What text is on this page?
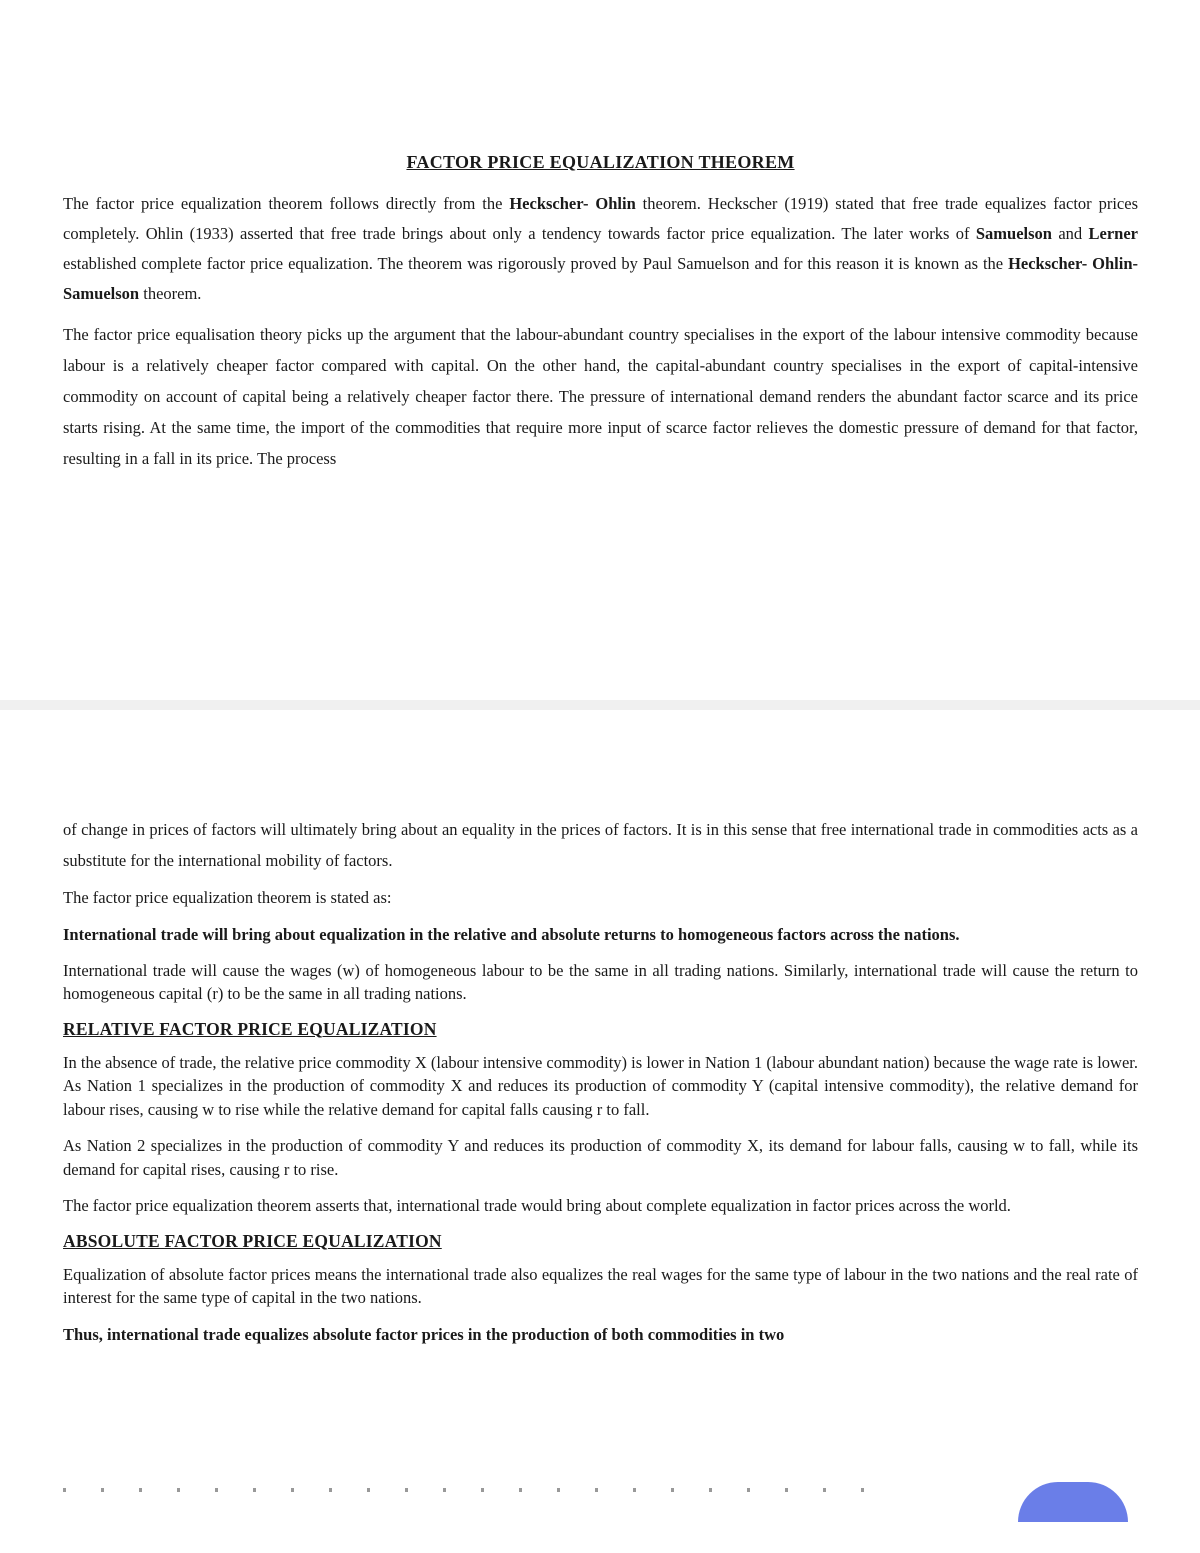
FACTOR PRICE EQUALIZATION THEOREM

The factor price equalization theorem follows directly from the Heckscher- Ohlin theorem. Heckscher (1919) stated that free trade equalizes factor prices completely. Ohlin (1933) asserted that free trade brings about only a tendency towards factor price equalization. The later works of Samuelson and Lerner established complete factor price equalization. The theorem was rigorously proved by Paul Samuelson and for this reason it is known as the Heckscher- Ohlin- Samuelson theorem.

The factor price equalisation theory picks up the argument that the labour-abundant country specialises in the export of the labour intensive commodity because labour is a relatively cheaper factor compared with capital. On the other hand, the capital-abundant country specialises in the export of capital-intensive commodity on account of capital being a relatively cheaper factor there. The pressure of international demand renders the abundant factor scarce and its price starts rising. At the same time, the import of the commodities that require more input of scarce factor relieves the domestic pressure of demand for that factor, resulting in a fall in its price. The process

of change in prices of factors will ultimately bring about an equality in the prices of factors. It is in this sense that free international trade in commodities acts as a substitute for the international mobility of factors.

The factor price equalization theorem is stated as:

International trade will bring about equalization in the relative and absolute returns to homogeneous factors across the nations.

International trade will cause the wages (w) of homogeneous labour to be the same in all trading nations. Similarly, international trade will cause the return to homogeneous capital (r) to be the same in all trading nations.

RELATIVE FACTOR PRICE EQUALIZATION

In the absence of trade, the relative price commodity X (labour intensive commodity) is lower in Nation 1 (labour abundant nation) because the wage rate is lower. As Nation 1 specializes in the production of commodity X and reduces its production of commodity Y (capital intensive commodity), the relative demand for labour rises, causing w to rise while the relative demand for capital falls causing r to fall.

As Nation 2 specializes in the production of commodity Y and reduces its production of commodity X, its demand for labour falls, causing w to fall, while its demand for capital rises, causing r to rise.

The factor price equalization theorem asserts that, international trade would bring about complete equalization in factor prices across the world.

ABSOLUTE FACTOR PRICE EQUALIZATION

Equalization of absolute factor prices means the international trade also equalizes the real wages for the same type of labour in the two nations and the real rate of interest for the same type of capital in the two nations.

Thus, international trade equalizes absolute factor prices in the production of both commodities in two
